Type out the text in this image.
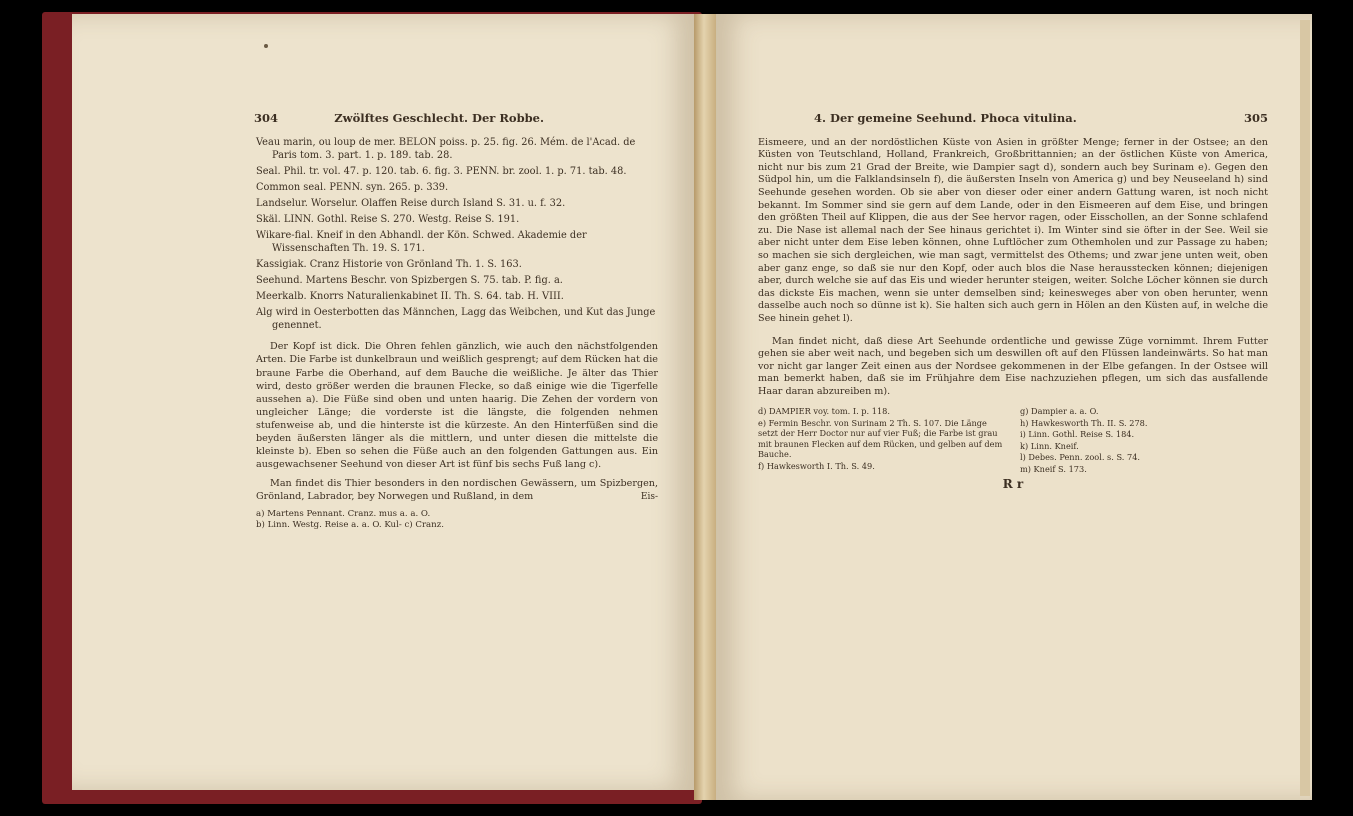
304	Zwölftes Geschlecht. Der Robbe.

Veau marin, ou loup de mer. BELON poiss. p. 25. fig. 26. Mém. de l'Acad. de Paris tom. 3. part. 1. p. 189. tab. 28.

Seal. Phil. tr. vol. 47. p. 120. tab. 6. fig. 3. PENN. br. zool. 1. p. 71. tab. 48.

Common seal. PENN. syn. 265. p. 339.

Landselur. Worselur. Olaffen Reise durch Island S. 31. u. f. 32.

Skäl. LINN. Gothl. Reise S. 270. Westg. Reise S. 191.

Wikare-fial. Kneif in den Abhandl. der Kön. Schwed. Akademie der Wissenschaften Th. 19. S. 171.

Kassigiak. Cranz Historie von Grönland Th. 1. S. 163.

Seehund. Martens Beschr. von Spizbergen S. 75. tab. P. fig. a.

Meerkalb. Knorrs Naturalienkabinet II. Th. S. 64. tab. H. VIII.

Alg wird in Oesterbotten das Männchen, Lagg das Weibchen, und Kut das Junge genennet.

Der Kopf ist dick. Die Ohren fehlen gänzlich, wie auch den nächstfolgenden Arten. Die Farbe ist dunkelbraun und weißlich gesprengt; auf dem Rücken hat die braune Farbe die Oberhand, auf dem Bauche die weißliche. Je älter das Thier wird, desto größer werden die braunen Flecke, so daß einige wie die Tigerfelle aussehen a). Die Füße sind oben und unten haarig. Die Zehen der vordern von ungleicher Länge; die vorderste ist die längste, die folgenden nehmen stufenweise ab, und die hinterste ist die kürzeste. An den Hinterfüßen sind die beyden äußersten länger als die mittlern, und unter diesen die mittelste die kleinste b). Eben so sehen die Füße auch an den folgenden Gattungen aus. Ein ausgewachsener Seehund von dieser Art ist fünf bis sechs Fuß lang c).

Man findet dis Thier besonders in den nordischen Gewässern, um Spizbergen, Grönland, Labrador, bey Norwegen und Rußland, in dem	Eis-
a) Martens Pennant. Cranz. mus a. a. O.
b) Linn. Westg. Reise a. a. O. Kul- c) Cranz.
4. Der gemeine Seehund. Phoca vitulina.	305

Eismeere, und an der nordöstlichen Küste von Asien in größter Menge; ferner in der Ostsee; an den Küsten von Teutschland, Holland, Frankreich, Großbrittannien; an der östlichen Küste von America, nicht nur bis zum 21 Grad der Breite, wie Dampier sagt d), sondern auch bey Surinam e). Gegen den Südpol hin, um die Falklandsinseln f), die äußersten Inseln von America g) und bey Neuseeland h) sind Seehunde gesehen worden. Ob sie aber von dieser oder einer andern Gattung waren, ist noch nicht bekannt. Im Sommer sind sie gern auf dem Lande, oder in den Eismeeren auf dem Eise, und bringen den größten Theil auf Klippen, die aus der See hervor ragen, oder Eisschollen, an der Sonne schlafend zu. Die Nase ist allemal nach der See hinaus gerichtet i). Im Winter sind sie öfter in der See. Weil sie aber nicht unter dem Eise leben können, ohne Luftlöcher zum Othemholen und zur Passage zu haben; so machen sie sich dergleichen, wie man sagt, vermittelst des Othems; und zwar jene unten weit, oben aber ganz enge, so daß sie nur den Kopf, oder auch blos die Nase herausstecken können; diejenigen aber, durch welche sie auf das Eis und wieder herunter steigen, weiter. Solche Löcher können sie durch das dickste Eis machen, wenn sie unter demselben sind; keinesweges aber von oben herunter, wenn dasselbe auch noch so dünne ist k). Sie halten sich auch gern in Hölen an den Küsten auf, in welche die See hinein gehet l).

Man findet nicht, daß diese Art Seehunde ordentliche und gewisse Züge vornimmt. Ihrem Futter gehen sie aber weit nach, und begeben sich um deswillen oft auf den Flüssen landeinwärts. So hat man vor nicht gar langer Zeit einen aus der Nordsee gekommenen in der Elbe gefangen. In der Ostsee will man bemerkt haben, daß sie im Frühjahre dem Eise nachzuziehen pflegen, um sich das ausfallende Haar daran abzureiben m).

d) DAMPIER voy. tom. I. p. 118.
e) Fermin Beschr. von Surinam 2 Th. S. 107. Die Länge setzt der Herr Doctor nur auf vier Fuß; die Farbe ist grau mit braunen Flecken auf dem Rücken, und gelben auf dem Bauche.
f) Hawkesworth I. Th. S. 49.
g) Dampier a. a. O.
h) Hawkesworth Th. II. S. 278.
i) Linn. Gothl. Reise S. 184.
k) Linn. Kneif.
l) Debes. Penn. zool. s. S. 74.
m) Kneif S. 173.
R r
